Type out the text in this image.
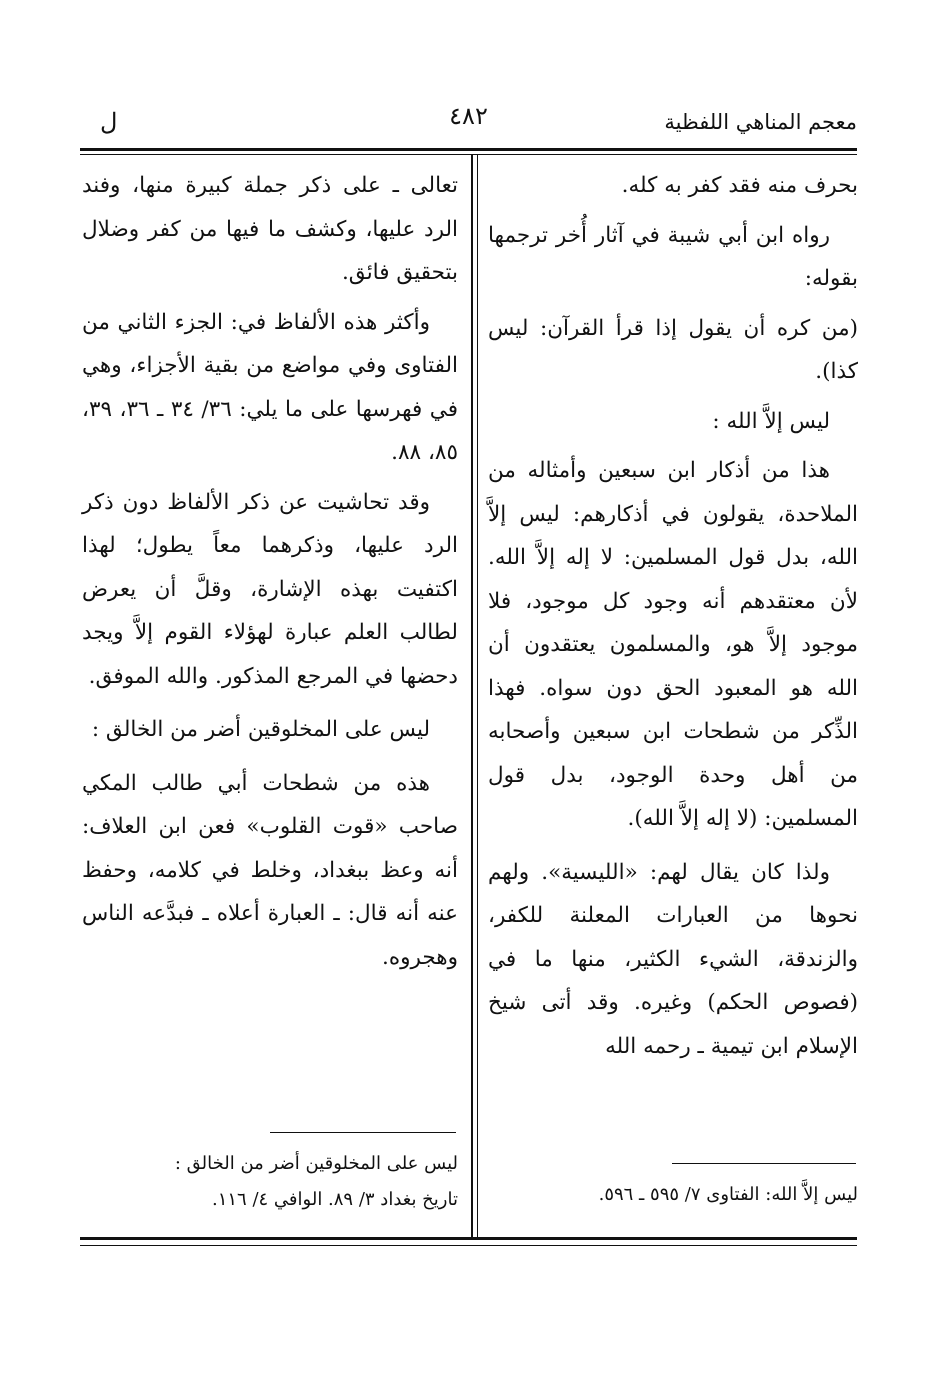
معجم المناهي اللفظية
٤٨٢
ل

بحرف منه فقد كفر به كله.

رواه ابن أبي شيبة في آثار أُخر ترجمها بقوله:

(من كره أن يقول إذا قرأ القرآن: ليس كذا).

ليس إلاَّ الله :

هذا من أذكار ابن سبعين وأمثاله من الملاحدة، يقولون في أذكارهم: ليس إلاَّ الله، بدل قول المسلمين: لا إله إلاَّ الله. لأن معتقدهم أنه وجود كل موجود، فلا موجود إلاَّ هو، والمسلمون يعتقدون أن الله هو المعبود الحق دون سواه. فهذا الذِّكر من شطحات ابن سبعين وأصحابه من أهل وحدة الوجود، بدل قول المسلمين: (لا إله إلاَّ الله).

ولذا كان يقال لهم: «الليسية». ولهم نحوها من العبارات المعلنة للكفر، والزندقة، الشيء الكثير، منها ما في (فصوص الحكم) وغيره. وقد أتى شيخ الإسلام ابن تيمية ـ رحمه الله

ليس إلاَّ الله: الفتاوى ٧/ ٥٩٥ ـ ٥٩٦.

تعالى ـ على ذكر جملة كبيرة منها، وفند الرد عليها، وكشف ما فيها من كفر وضلال بتحقيق فائق.

وأكثر هذه الألفاظ في: الجزء الثاني من الفتاوى وفي مواضع من بقية الأجزاء، وهي في فهرسها على ما يلي: ٣٦/ ٣٤ ـ ٣٦، ٣٩، ٨٥، ٨٨.

وقد تحاشيت عن ذكر الألفاظ دون ذكر الرد عليها، وذكرهما معاً يطول؛ لهذا اكتفيت بهذه الإشارة، وقلَّ أن يعرض لطالب العلم عبارة لهؤلاء القوم إلاَّ ويجد دحضها في المرجع المذكور. والله الموفق.

ليس على المخلوقين أضر من الخالق :

هذه من شطحات أبي طالب المكي صاحب «قوت القلوب» فعن ابن العلاف: أنه وعظ ببغداد، وخلط في كلامه، وحفظ عنه أنه قال: ـ العبارة أعلاه ـ فبدَّعه الناس وهجروه.

ليس على المخلوقين أضر من الخالق :

تاريخ بغداد ٣/ ٨٩. الوافي ٤/ ١١٦.
